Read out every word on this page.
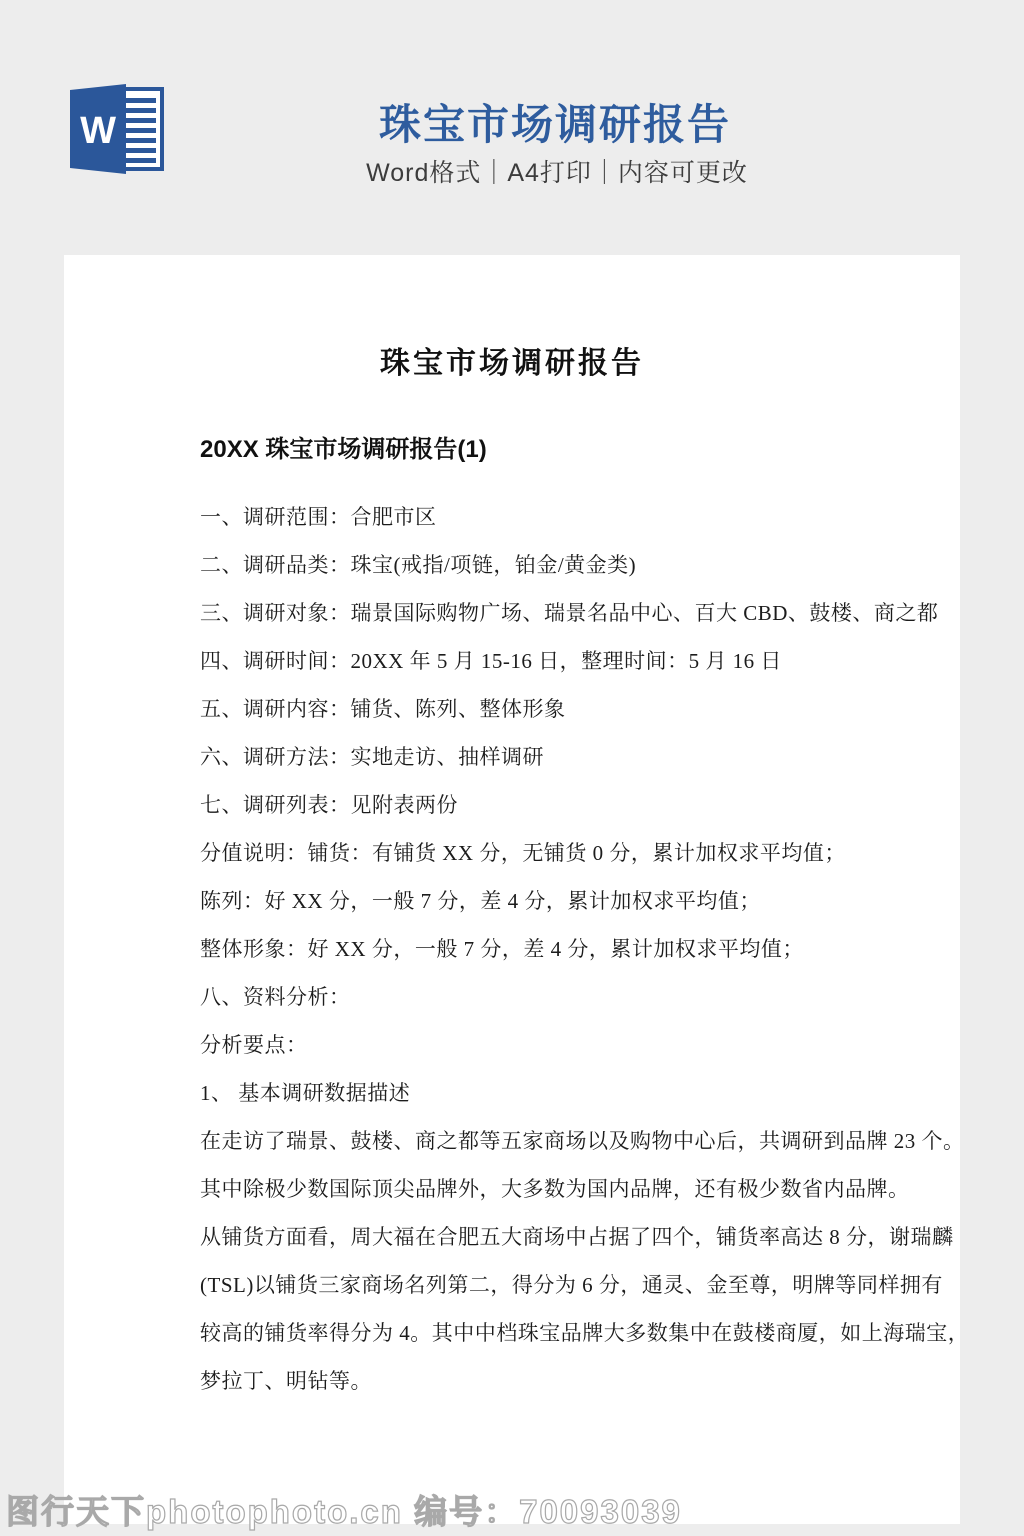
W	珠宝市场调研报告
Word格式｜A4打印｜内容可更改
珠宝市场调研报告
20XX 珠宝市场调研报告(1)

一、调研范围：合肥市区

二、调研品类：珠宝(戒指/项链，铂金/黄金类)

三、调研对象：瑞景国际购物广场、瑞景名品中心、百大 CBD、鼓楼、商之都

四、调研时间：20XX 年 5 月 15-16 日，整理时间：5 月 16 日

五、调研内容：铺货、陈列、整体形象

六、调研方法：实地走访、抽样调研

七、调研列表：见附表两份

分值说明：铺货：有铺货 XX 分，无铺货 0 分，累计加权求平均值；

陈列：好 XX 分，一般 7 分，差 4 分，累计加权求平均值；

整体形象：好 XX 分，一般 7 分，差 4 分，累计加权求平均值；

八、资料分析：

分析要点：

1、 基本调研数据描述

在走访了瑞景、鼓楼、商之都等五家商场以及购物中心后，共调研到品牌 23 个。

其中除极少数国际顶尖品牌外，大多数为国内品牌，还有极少数省内品牌。

从铺货方面看，周大福在合肥五大商场中占据了四个，铺货率高达 8 分，谢瑞麟

(TSL)以铺货三家商场名列第二，得分为 6 分，通灵、金至尊，明牌等同样拥有

较高的铺货率得分为 4。其中中档珠宝品牌大多数集中在鼓楼商厦，如上海瑞宝，

梦拉丁、明钻等。

图行天下photophoto.cn 编号：70093039
